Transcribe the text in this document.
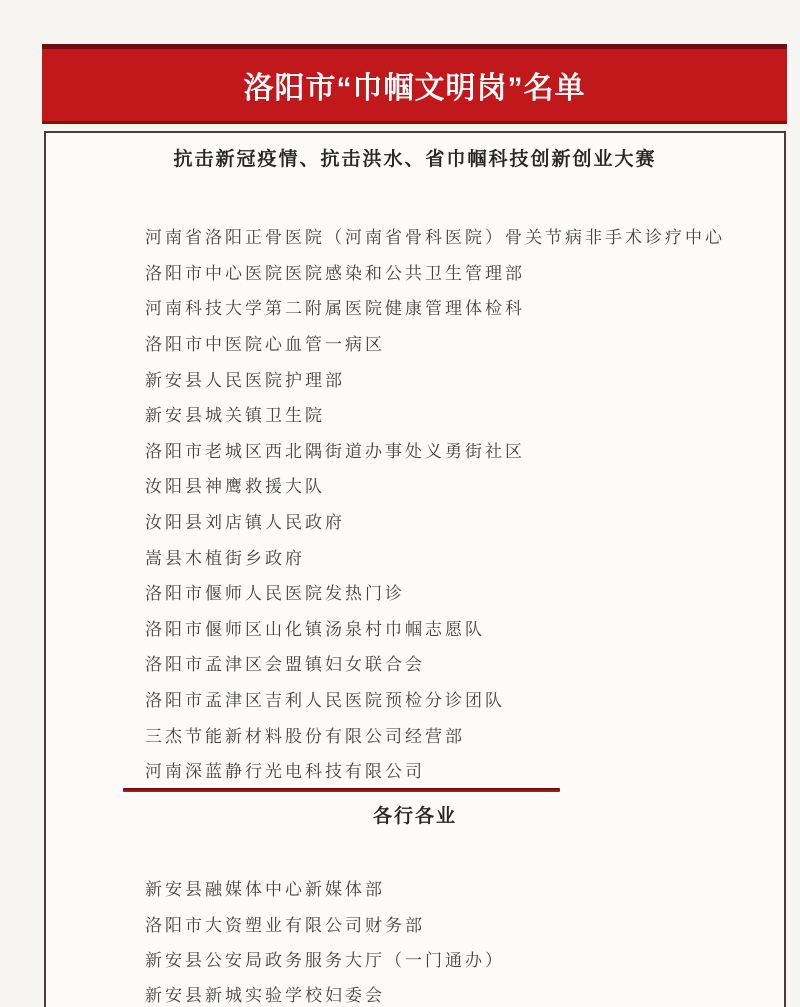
洛阳市“巾帼文明岗”名单
抗击新冠疫情、抗击洪水、省巾帼科技创新创业大赛
河南省洛阳正骨医院（河南省骨科医院）骨关节病非手术诊疗中心
洛阳市中心医院医院感染和公共卫生管理部
河南科技大学第二附属医院健康管理体检科
洛阳市中医院心血管一病区
新安县人民医院护理部
新安县城关镇卫生院
洛阳市老城区西北隅街道办事处义勇街社区
汝阳县神鹰救援大队
汝阳县刘店镇人民政府
嵩县木植街乡政府
洛阳市偃师人民医院发热门诊
洛阳市偃师区山化镇汤泉村巾帼志愿队
洛阳市孟津区会盟镇妇女联合会
洛阳市孟津区吉利人民医院预检分诊团队
三杰节能新材料股份有限公司经营部
河南深蓝静行光电科技有限公司
各行各业
新安县融媒体中心新媒体部
洛阳市大资塑业有限公司财务部
新安县公安局政务服务大厅（一门通办）
新安县新城实验学校妇委会
